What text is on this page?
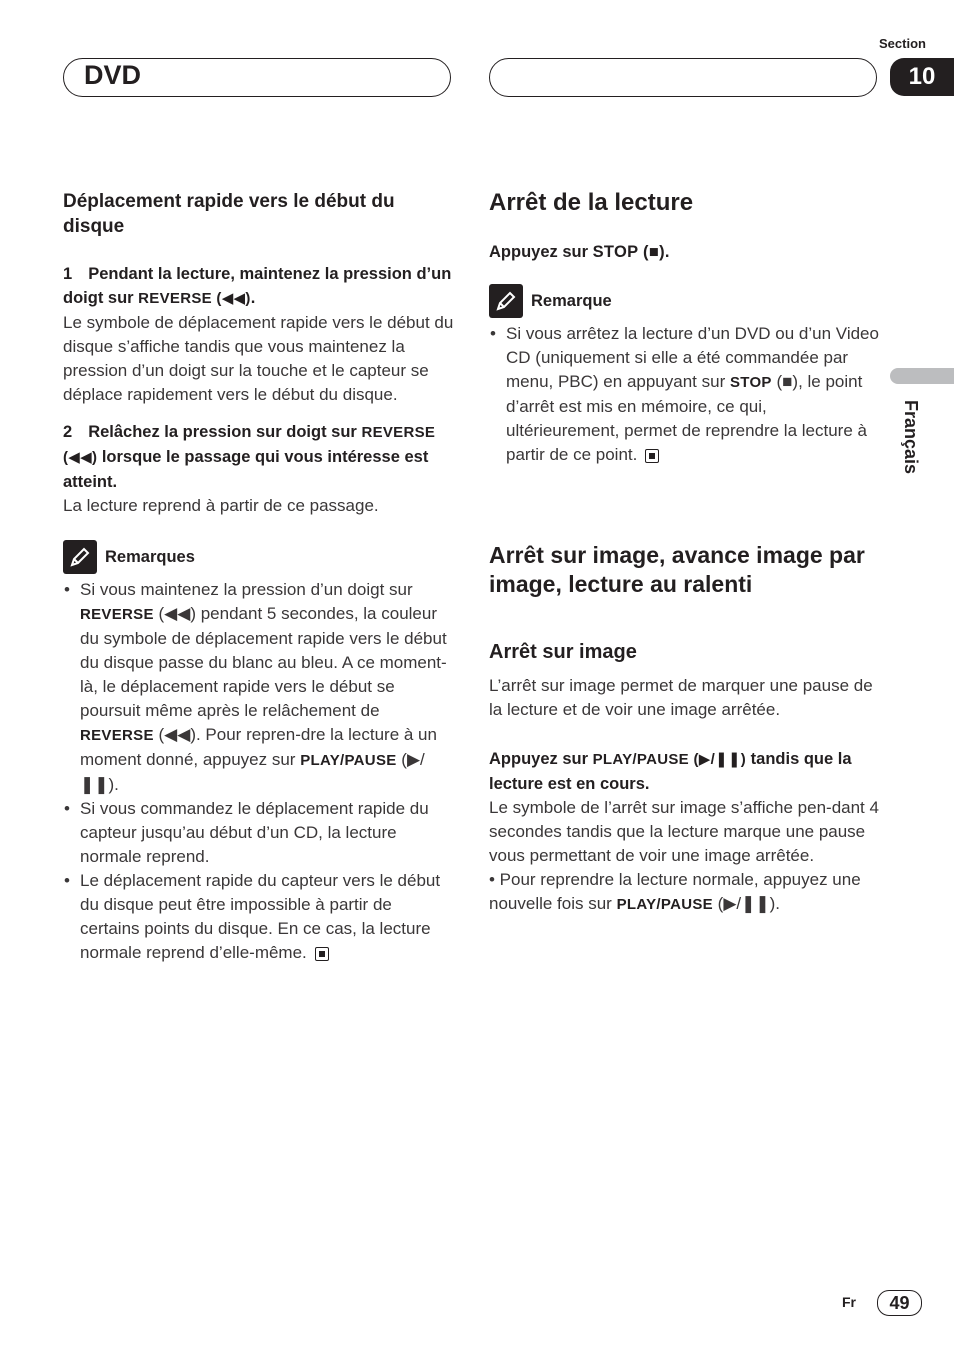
Section
10
DVD
Français
Déplacement rapide vers le début du disque

1 Pendant la lecture, maintenez la pression d’un doigt sur REVERSE (◀◀).

Le symbole de déplacement rapide vers le début du disque s’affiche tandis que vous maintenez la pression d’un doigt sur la touche et le capteur se déplace rapidement vers le début du disque.

2 Relâchez la pression sur doigt sur REVERSE (◀◀) lorsque le passage qui vous intéresse est atteint.

La lecture reprend à partir de ce passage.

Remarques
• Si vous maintenez la pression d’un doigt sur REVERSE (◀◀) pendant 5 secondes, la couleur du symbole de déplacement rapide vers le début du disque passe du blanc au bleu. A ce moment-là, le déplacement rapide vers le début se poursuit même après le relâchement de REVERSE (◀◀). Pour repren-dre la lecture à un moment donné, appuyez sur PLAY/PAUSE (▶/❚❚).
• Si vous commandez le déplacement rapide du capteur jusqu’au début d’un CD, la lecture normale reprend.
• Le déplacement rapide du capteur vers le début du disque peut être impossible à partir de certains points du disque. En ce cas, la lecture normale reprend d’elle-même.
Arrêt de la lecture

Appuyez sur STOP (■).

Remarque
• Si vous arrêtez la lecture d’un DVD ou d’un Video CD (uniquement si elle a été commandée par menu, PBC) en appuyant sur STOP (■), le point d’arrêt est mis en mémoire, ce qui, ultérieurement, permet de reprendre la lecture à partir de ce point.
Arrêt sur image, avance image par image, lecture au ralenti
Arrêt sur image

L’arrêt sur image permet de marquer une pause de la lecture et de voir une image arrêtée.

Appuyez sur PLAY/PAUSE (▶/❚❚) tandis que la lecture est en cours.

Le symbole de l’arrêt sur image s’affiche pen-dant 4 secondes tandis que la lecture marque une pause vous permettant de voir une image arrêtée.

• Pour reprendre la lecture normale, appuyez une nouvelle fois sur PLAY/PAUSE (▶/❚❚).

Fr	49
